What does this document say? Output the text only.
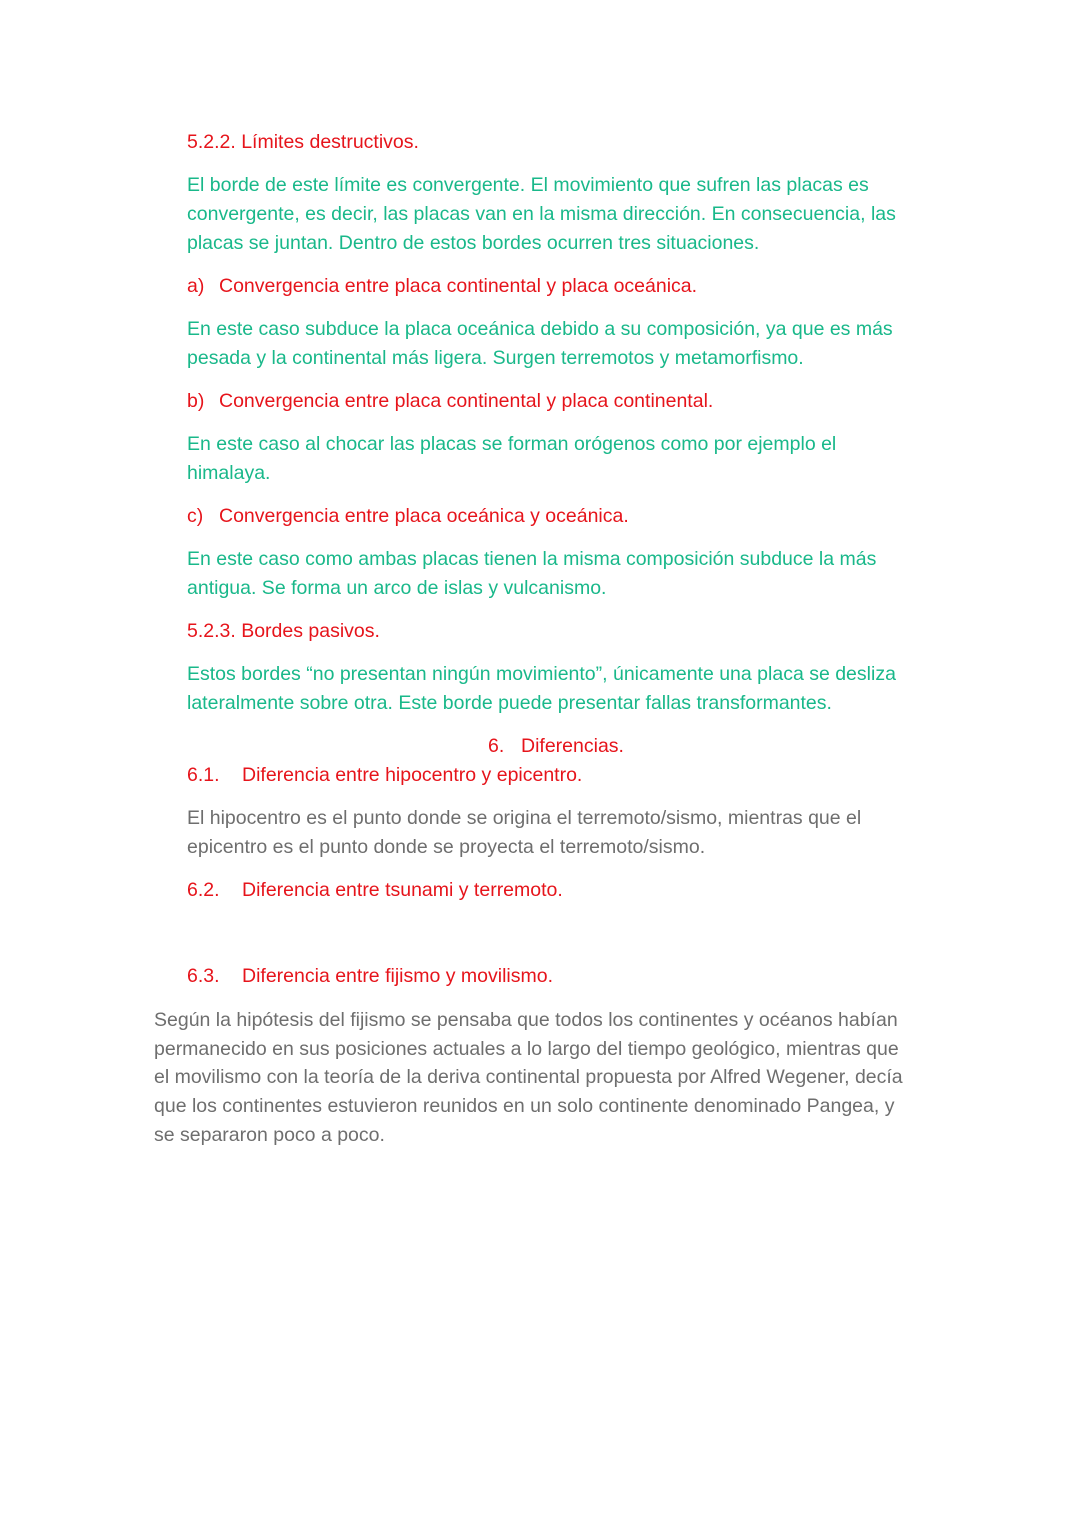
5.2.2. Límites destructivos.

El borde de este límite es convergente. El movimiento que sufren las placas es

convergente, es decir, las placas van en la misma dirección. En consecuencia, las

placas se juntan. Dentro de estos bordes ocurren tres situaciones.

a) Convergencia entre placa continental y placa oceánica.

En este caso subduce la placa oceánica debido a su composición, ya que es más

pesada y la continental más ligera. Surgen terremotos y metamorfismo.

b) Convergencia entre placa continental y placa continental.

En este caso al chocar las placas se forman orógenos como por ejemplo el

himalaya.

c) Convergencia entre placa oceánica y oceánica.

En este caso como ambas placas tienen la misma composición subduce la más

antigua. Se forma un arco de islas y vulcanismo.

5.2.3. Bordes pasivos.

Estos bordes “no presentan ningún movimiento”, únicamente una placa se desliza

lateralmente sobre otra. Este borde puede presentar fallas transformantes.

6. Diferencias.

6.1. Diferencia entre hipocentro y epicentro.

El hipocentro es el punto donde se origina el terremoto/sismo, mientras que el

epicentro es el punto donde se proyecta el terremoto/sismo.

6.2. Diferencia entre tsunami y terremoto.

6.3. Diferencia entre fijismo y movilismo.

Según la hipótesis del fijismo se pensaba que todos los continentes y océanos habían

permanecido en sus posiciones actuales a lo largo del tiempo geológico, mientras que

el movilismo con la teoría de la deriva continental propuesta por Alfred Wegener, decía

que los continentes estuvieron reunidos en un solo continente denominado Pangea, y

se separaron poco a poco.
